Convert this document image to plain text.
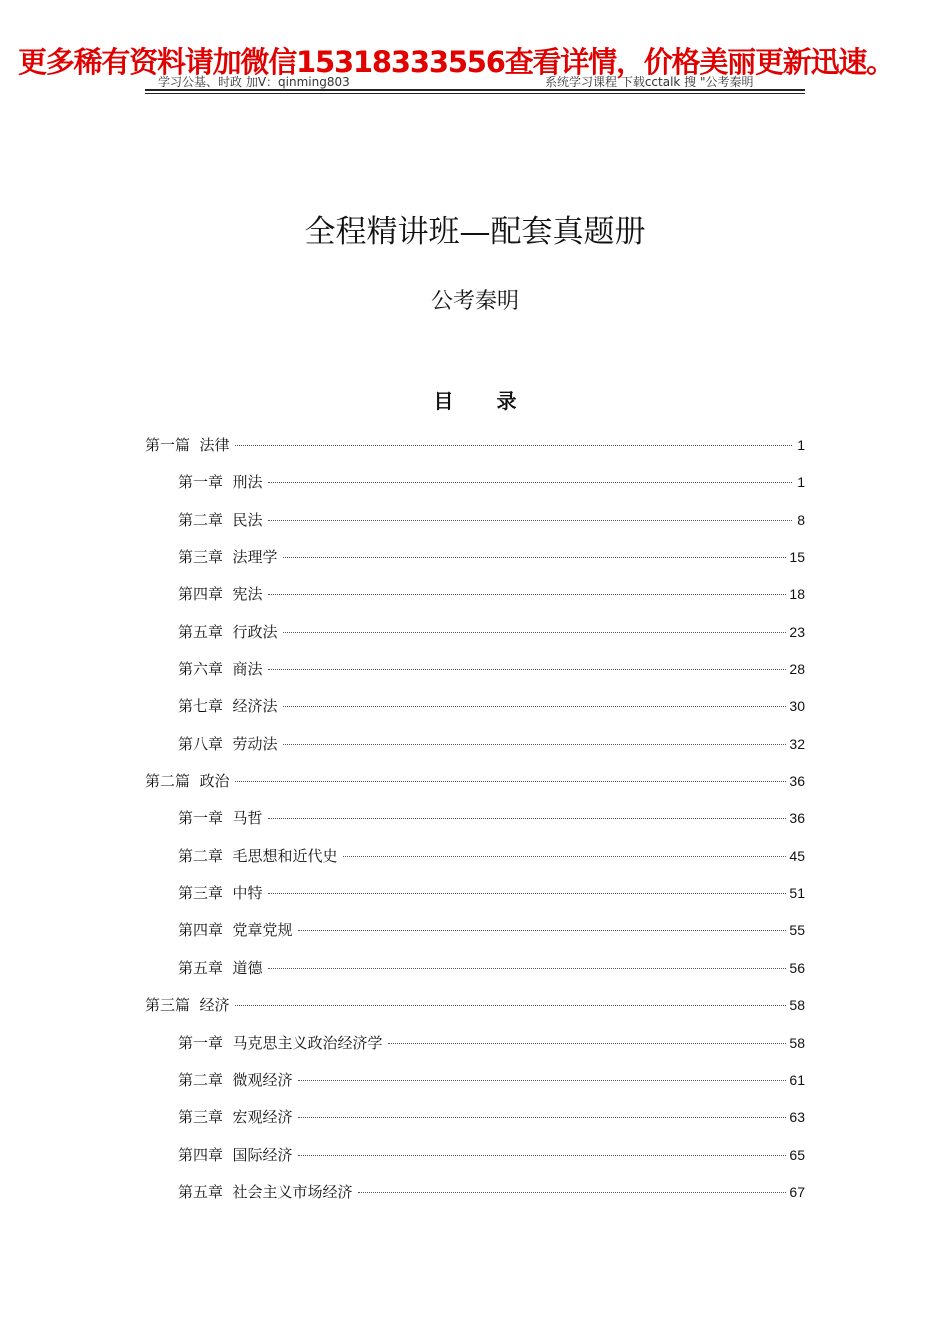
更多稀有资料请加微信15318333556查看详情，价格美丽更新迅速。
学习公基、时政 加V：qinming803	系统学习课程 下载cctalk 搜 "公考秦明
全程精讲班—配套真题册
公考秦明
目 录
第一篇  法律	1
第一章  刑法	1
第二章  民法	8
第三章  法理学	15
第四章  宪法	18
第五章  行政法	23
第六章  商法	28
第七章  经济法	30
第八章  劳动法	32
第二篇  政治	36
第一章  马哲	36
第二章  毛思想和近代史	45
第三章  中特	51
第四章  党章党规	55
第五章  道德	56
第三篇  经济	58
第一章  马克思主义政治经济学	58
第二章  微观经济	61
第三章  宏观经济	63
第四章  国际经济	65
第五章  社会主义市场经济	67
